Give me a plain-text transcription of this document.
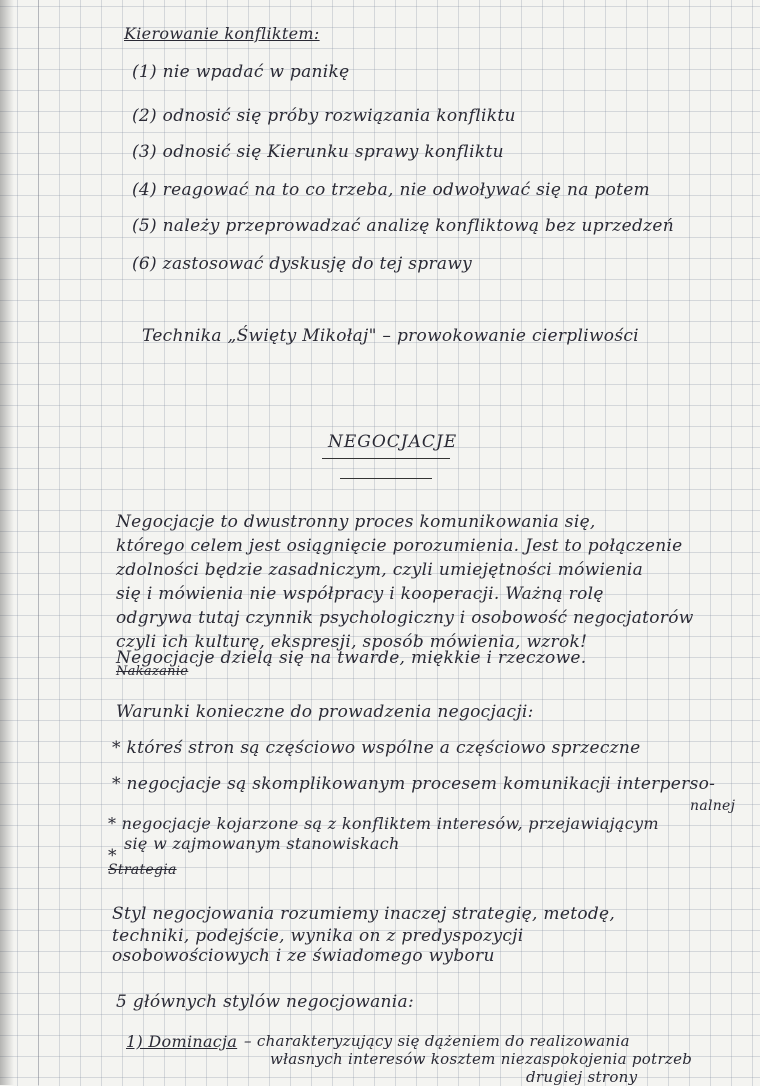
Kierowanie konfliktem:
(1) nie wpadać w panikę
(2) odnosić się próby rozwiązania konfliktu
(3) odnosić się Kierunku sprawy konfliktu
(4) reagować na to co trzeba, nie odwoływać się na potem
(5) należy przeprowadzać analizę konfliktową bez uprzedzeń
(6) zastosować dyskusję do tej sprawy
Technika „Święty Mikołaj" – prowokowanie cierpliwości
NEGOCJACJE
Negocjacje to dwustronny proces komunikowania się,
którego celem jest osiągnięcie porozumienia. Jest to połączenie
zdolności będzie zasadniczym, czyli umiejętności mówienia
się i mówienia nie współpracy i kooperacji. Ważną rolę
odgrywa tutaj czynnik psychologiczny i osobowość negocjatorów
czyli ich kulturę, ekspresji, sposób mówienia, wzrok!
Negocjacje dzielą się na twarde, miękkie i rzeczowe.
Nakazanie
Warunki konieczne do prowadzenia negocjacji:
* któreś stron są częściowo wspólne a częściowo sprzeczne
* negocjacje są skomplikowanym procesem komunikacji interperso-
nalnej
* negocjacje kojarzone są z konfliktem interesów, przejawiającym
się w zajmowanym stanowiskach
*
Strategia
Styl negocjowania rozumiemy inaczej strategię, metodę,
techniki, podejście, wynika on z predyspozycji
osobowościowych i ze świadomego wyboru
5 głównych stylów negocjowania:
1) Dominacja – charakteryzujący się dążeniem do realizowania
własnych interesów kosztem niezaspokojenia potrzeb
drugiej strony
